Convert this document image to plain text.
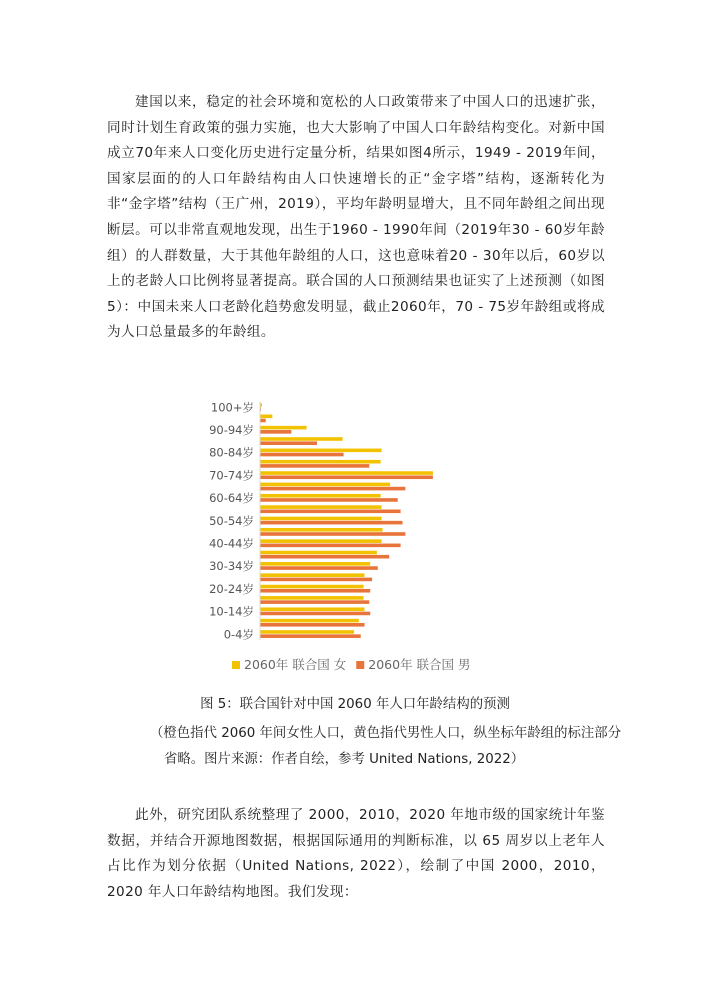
建国以来，稳定的社会环境和宽松的人口政策带来了中国人口的迅速扩张，同时计划生育政策的强力实施，也大大影响了中国人口年龄结构变化。对新中国成立70年来人口变化历史进行定量分析，结果如图4所示，1949 - 2019年间，国家层面的的人口年龄结构由人口快速增长的正“金字塔”结构，逐渐转化为非“金字塔”结构（王广州，2019），平均年龄明显增大，且不同年龄组之间出现断层。可以非常直观地发现，出生于1960 - 1990年间（2019年30 - 60岁年龄组）的人群数量，大于其他年龄组的人口，这也意味着20 - 30年以后，60岁以上的老龄人口比例将显著提高。联合国的人口预测结果也证实了上述预测（如图5）：中国未来人口老龄化趋势愈发明显，截止2060年，70 - 75岁年龄组或将成为人口总量最多的年龄组。

0-4岁
10-14岁
20-24岁
30-34岁
40-44岁
50-54岁
60-64岁
70-74岁
80-84岁
90-94岁
100+岁
2060年 联合国 女 2060年 联合国 男

图 5：联合国针对中国 2060 年人口年龄结构的预测

（橙色指代 2060 年间女性人口，黄色指代男性人口，纵坐标年龄组的标注部分省略。图片来源：作者自绘，参考 United Nations, 2022）

此外，研究团队系统整理了 2000，2010，2020 年地市级的国家统计年鉴数据，并结合开源地图数据，根据国际通用的判断标准，以 65 周岁以上老年人占比作为划分依据（United Nations, 2022），绘制了中国 2000，2010，2020 年人口年龄结构地图。我们发现：
